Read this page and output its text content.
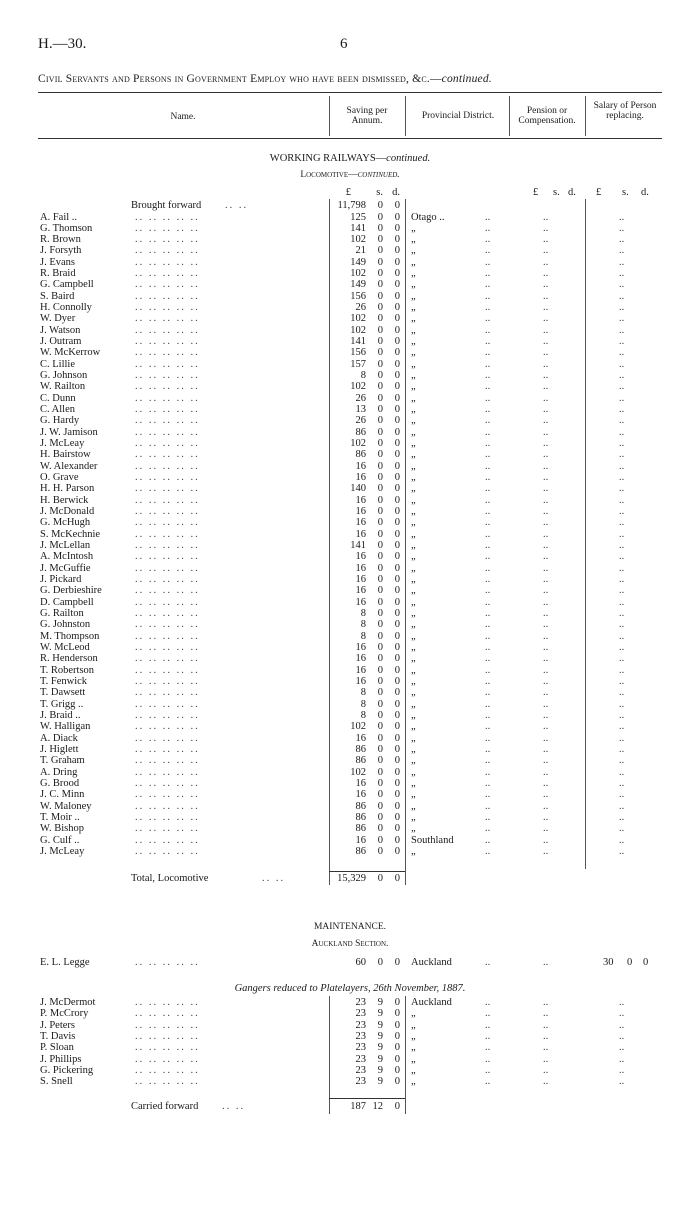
H.—30.	6
Civil Servants and Persons in Government Employ who have been dismissed, &c.—continued.
Name.
Saving per Annum.	Provincial District.	Pension or Compensation.
Salary of Person replacing.
WORKING RAILWAYS—continued.
Locomotive—continued.
£	s. d.	£ s. d. £ s. d.
Brought forward .. ..	11,798	0	0
A. Fail ..	.. .. .. .. ..	125	0	0 Otago ..	..	..	..
G. Thomson	.. .. .. .. ..	141	0	0 „	..	..	..
R. Brown	.. .. .. .. ..	102	0	0 „	..	..	..
J. Forsyth	.. .. .. .. ..	21	0	0 „	..	..	..
J. Evans	.. .. .. .. ..	149	0	0 „	..	..	..
R. Braid	.. .. .. .. ..	102	0	0 „	..	..	..
G. Campbell	.. .. .. .. ..	149	0	0 „	..	..	..
S. Baird	.. .. .. .. ..	156	0	0 „	..	..	..
H. Connolly	.. .. .. .. ..	26	0	0 „	..	..	..
W. Dyer	.. .. .. .. ..	102	0	0 „	..	..	..
J. Watson	.. .. .. .. ..	102	0	0 „	..	..	..
J. Outram	.. .. .. .. ..	141	0	0 „	..	..	..
W. McKerrow	.. .. .. .. ..	156	0	0 „	..	..	..
C. Lillie	.. .. .. .. ..	157	0	0 „	..	..	..
G. Johnson	.. .. .. .. ..	8	0	0 „	..	..	..
W. Railton	.. .. .. .. ..	102	0	0 „	..	..	..
C. Dunn	.. .. .. .. ..	26	0	0 „	..	..	..
C. Allen	.. .. .. .. ..	13	0	0 „	..	..	..
G. Hardy	.. .. .. .. ..	26	0	0 „	..	..	..
J. W. Jamison	.. .. .. .. ..	86	0	0 „	..	..	..
J. McLeay	.. .. .. .. ..	102	0	0 „	..	..	..
H. Bairstow	.. .. .. .. ..	86	0	0 „	..	..	..
W. Alexander	.. .. .. .. ..	16	0	0 „	..	..	..
O. Grave	.. .. .. .. ..	16	0	0 „	..	..	..
H. H. Parson	.. .. .. .. ..	140	0	0 „	..	..	..
H. Berwick	.. .. .. .. ..	16	0	0 „	..	..	..
J. McDonald	.. .. .. .. ..	16	0	0 „	..	..	..
G. McHugh	.. .. .. .. ..	16	0	0 „	..	..	..
S. McKechnie	.. .. .. .. ..	16	0	0 „	..	..	..
J. McLellan	.. .. .. .. ..	141	0	0 „	..	..	..
A. McIntosh	.. .. .. .. ..	16	0	0 „	..	..	..
J. McGuffie	.. .. .. .. ..	16	0	0 „	..	..	..
J. Pickard	.. .. .. .. ..	16	0	0 „	..	..	..
G. Derbieshire	.. .. .. .. ..	16	0	0 „	..	..	..
D. Campbell	.. .. .. .. ..	16	0	0 „	..	..	..
G. Railton	.. .. .. .. ..	8	0	0 „	..	..	..
G. Johnston	.. .. .. .. ..	8	0	0 „	..	..	..
M. Thompson	.. .. .. .. ..	8	0	0 „	..	..	..
W. McLeod	.. .. .. .. ..	16	0	0 „	..	..	..
R. Henderson	.. .. .. .. ..	16	0	0 „	..	..	..
T. Robertson	.. .. .. .. ..	16	0	0 „	..	..	..
T. Fenwick	.. .. .. .. ..	16	0	0 „	..	..	..
T. Dawsett	.. .. .. .. ..	8	0	0 „	..	..	..
T. Grigg ..	.. .. .. .. ..	8	0	0 „	..	..	..
J. Braid ..	.. .. .. .. ..	8	0	0 „	..	..	..
W. Halligan	.. .. .. .. ..	102	0	0 „	..	..	..
A. Diack	.. .. .. .. ..	16	0	0 „	..	..	..
J. Higlett	.. .. .. .. ..	86	0	0 „	..	..	..
T. Graham	.. .. .. .. ..	86	0	0 „	..	..	..
A. Dring	.. .. .. .. ..	102	0	0 „	..	..	..
G. Brood	.. .. .. .. ..	16	0	0 „	..	..	..
J. C. Minn	.. .. .. .. ..	16	0	0 „	..	..	..
W. Maloney	.. .. .. .. ..	86	0	0 „	..	..	..
T. Moir ..	.. .. .. .. ..	86	0	0 „	..	..	..
W. Bishop	.. .. .. .. ..	86	0	0 „	..	..	..
G. Culf ..	.. .. .. .. ..	16	0	0 Southland	..	..	..
J. McLeay	.. .. .. .. ..	86	0	0 „	..	..	..
Total, Locomotive	.. ..	15,329	0	0
MAINTENANCE.
Auckland Section.
E. L. Legge	.. .. .. .. ..	60	0	0 Auckland	..	..	30 0 0
Gangers reduced to Platelayers, 26th November, 1887.
J. McDermot	.. .. .. .. ..	23	9	0 Auckland	..	..	..
P. McCrory	.. .. .. .. ..	23	9	0 „	..	..	..
J. Peters	.. .. .. .. ..	23	9	0 „	..	..	..
T. Davis	.. .. .. .. ..	23	9	0 „	..	..	..
P. Sloan	.. .. .. .. ..	23	9	0 „	..	..	..
J. Phillips	.. .. .. .. ..	23	9	0 „	..	..	..
G. Pickering	.. .. .. .. ..	23	9	0 „	..	..	..
S. Snell	.. .. .. .. ..	23	9	0 „	..	..	..
Carried forward .. ..	187 12	0
